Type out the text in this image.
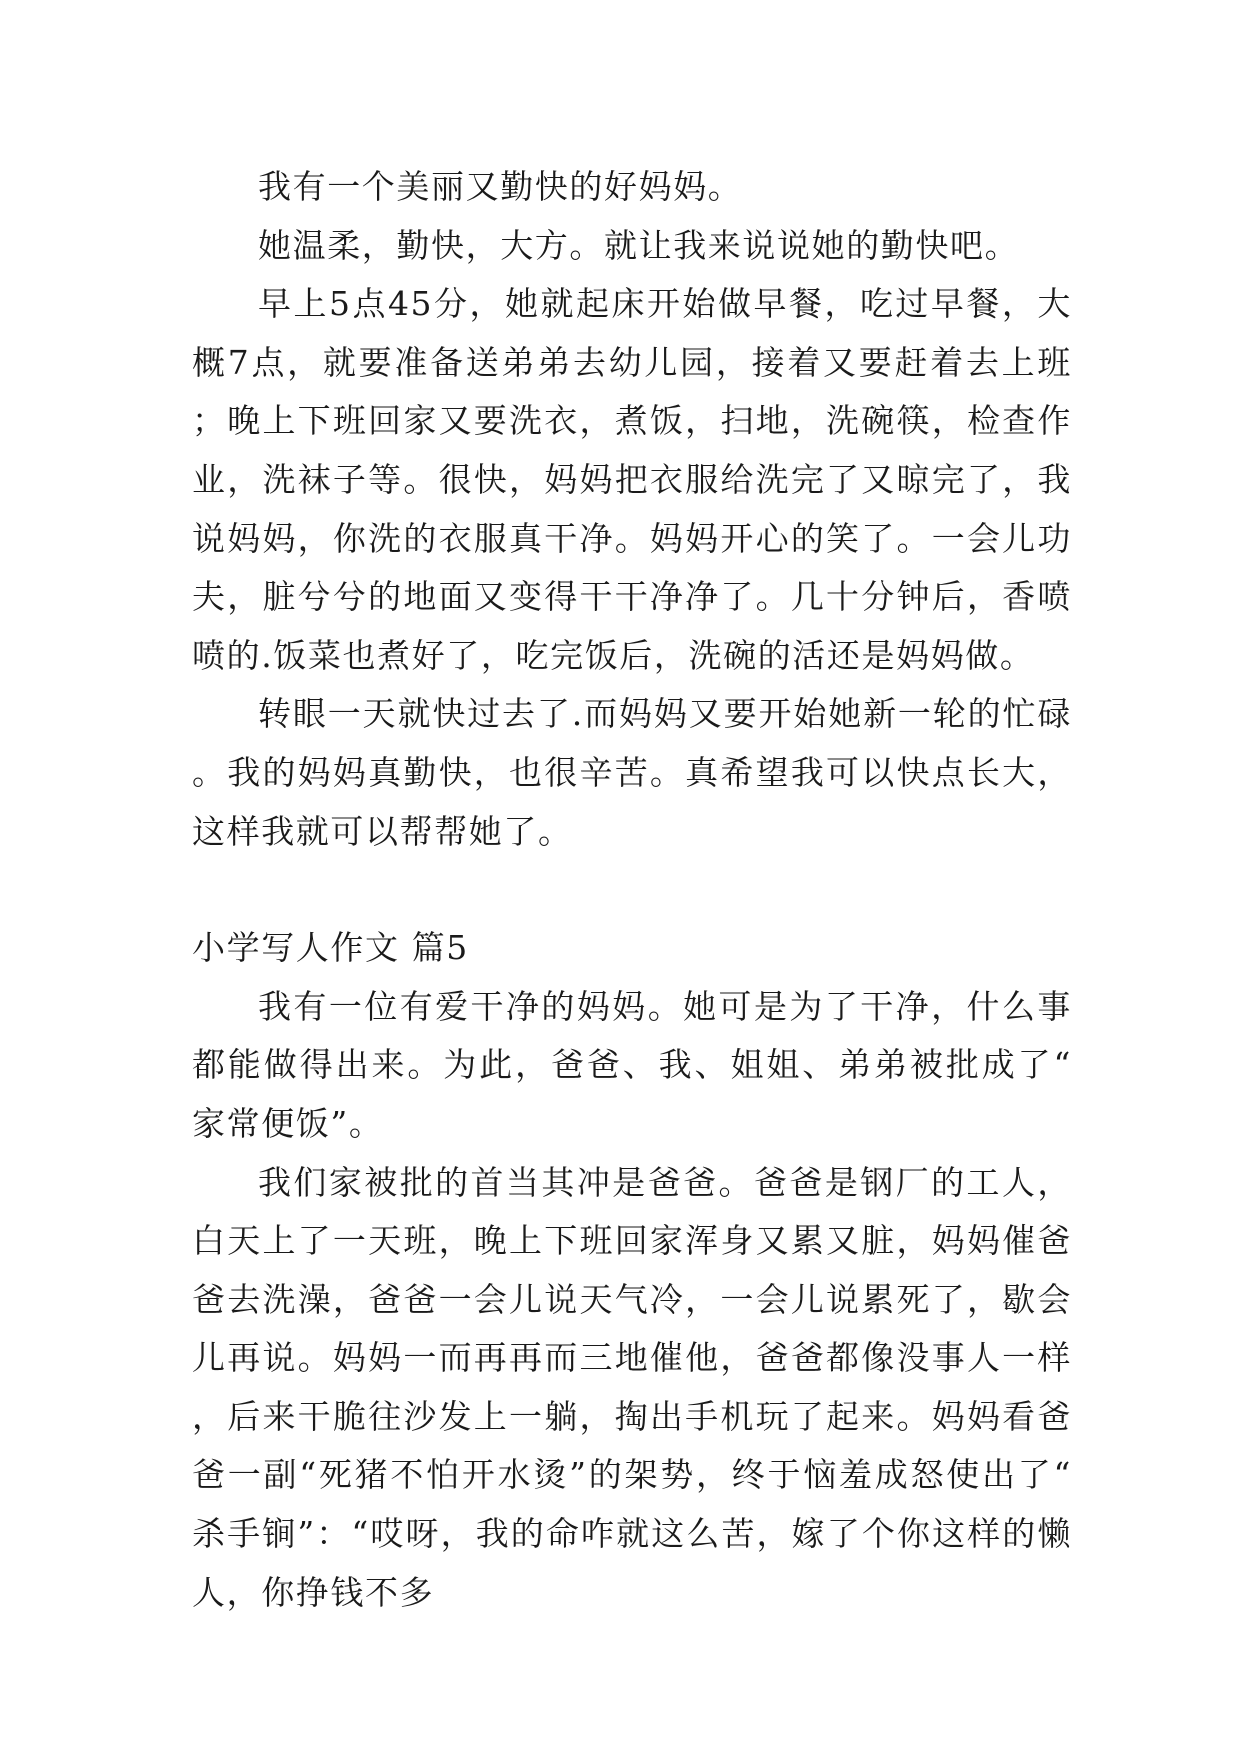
我有一个美丽又勤快的好妈妈。

她温柔，勤快，大方。就让我来说说她的勤快吧。

早上5点45分，她就起床开始做早餐，吃过早餐，大概7点，就要准备送弟弟去幼儿园，接着又要赶着去上班；晚上下班回家又要洗衣，煮饭，扫地，洗碗筷，检查作业，洗袜子等。很快，妈妈把衣服给洗完了又晾完了，我说妈妈，你洗的衣服真干净。妈妈开心的笑了。一会儿功夫，脏兮兮的地面又变得干干净净了。几十分钟后，香喷喷的.饭菜也煮好了，吃完饭后，洗碗的活还是妈妈做。

转眼一天就快过去了.而妈妈又要开始她新一轮的忙碌。我的妈妈真勤快，也很辛苦。真希望我可以快点长大，这样我就可以帮帮她了。

小学写人作文 篇5

我有一位有爱干净的妈妈。她可是为了干净，什么事都能做得出来。为此，爸爸、我、姐姐、弟弟被批成了“家常便饭”。

我们家被批的首当其冲是爸爸。爸爸是钢厂的工人，白天上了一天班，晚上下班回家浑身又累又脏，妈妈催爸爸去洗澡，爸爸一会儿说天气冷，一会儿说累死了，歇会儿再说。妈妈一而再再而三地催他，爸爸都像没事人一样，后来干脆往沙发上一躺，掏出手机玩了起来。妈妈看爸爸一副“死猪不怕开水烫”的架势，终于恼羞成怒使出了“杀手锏”：“哎呀，我的命咋就这么苦，嫁了个你这样的懒人，你挣钱不多
